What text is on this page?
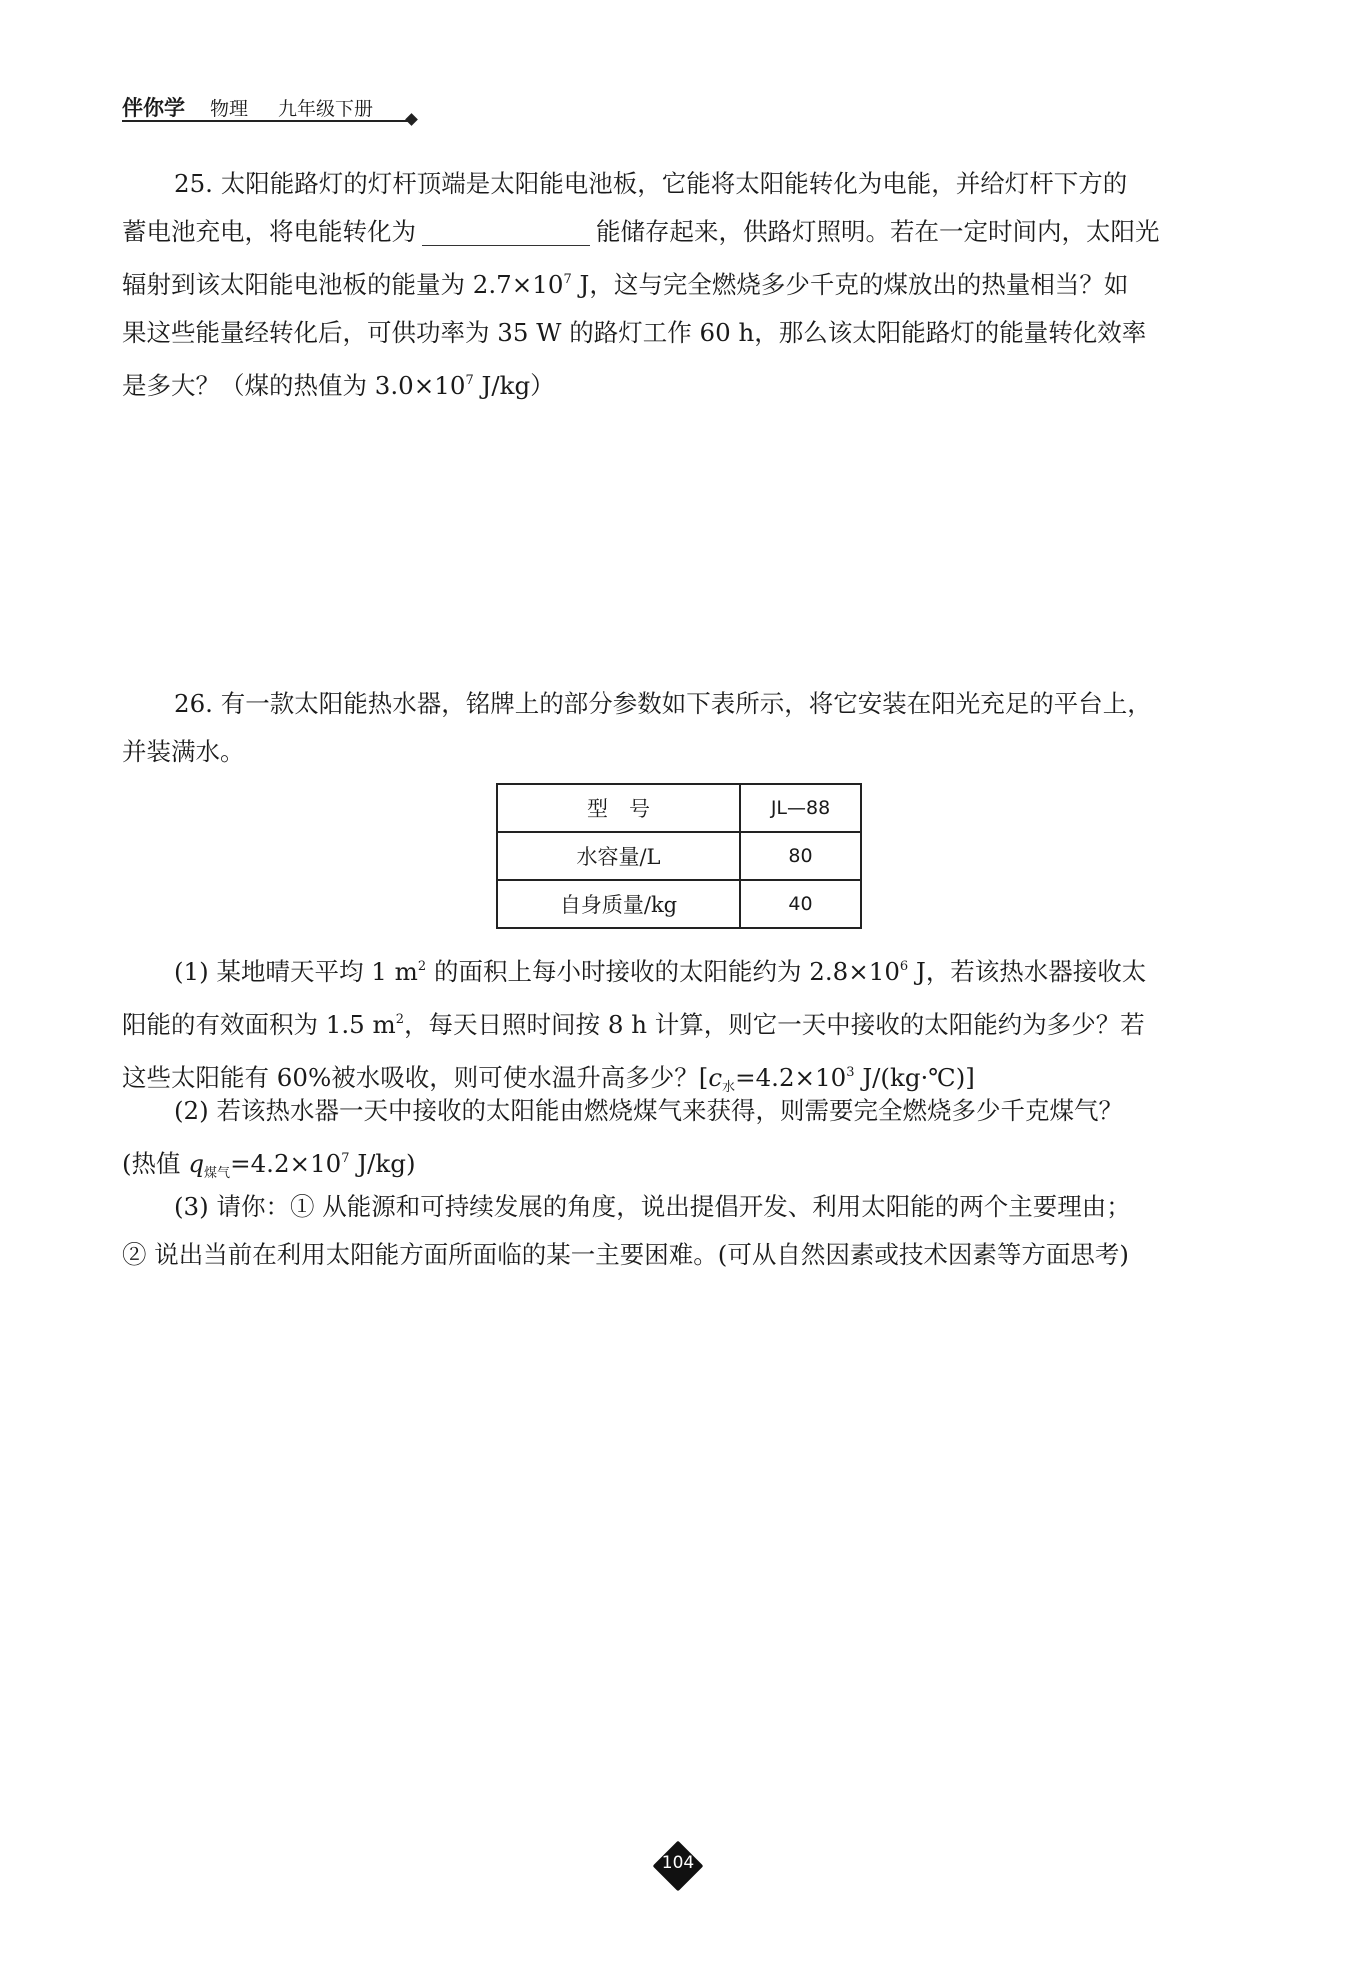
伴你学 物理 九年级下册

25. 太阳能路灯的灯杆顶端是太阳能电池板，它能将太阳能转化为电能，并给灯杆下方的
蓄电池充电，将电能转化为	能储存起来，供路灯照明。若在一定时间内，太阳光
辐射到该太阳能电池板的能量为 $2.7\times 10^7$ J，这与完全燃烧多少千克的煤放出的热量相当？如
果这些能量经转化后，可供功率为 35 W 的路灯工作 60 h，那么该太阳能路灯的能量转化效率
是多大？（煤的热值为 $3.0\times 10^7$ J/kg）

26. 有一款太阳能热水器，铭牌上的部分参数如下表所示，将它安装在阳光充足的平台上，
并装满水。

型　号	JL—88
水容量/L	80
自身质量/kg	40

(1) 某地晴天平均 1 $m^2$ 的面积上每小时接收的太阳能约为 $2.8\times 10^6$ J，若该热水器接收太
阳能的有效面积为 1.5 $m^2$，每天日照时间按 8 h 计算，则它一天中接收的太阳能约为多少？若
这些太阳能有 60%被水吸收，则可使水温升高多少？[$c_水=4.2\times 10^3$ J/(kg·℃)]

(2) 若该热水器一天中接收的太阳能由燃烧煤气来获得，则需要完全燃烧多少千克煤气？
(热值 $q_{煤气}=4.2\times 10^7$ J/kg)

(3) 请你：① 从能源和可持续发展的角度，说出提倡开发、利用太阳能的两个主要理由；
② 说出当前在利用太阳能方面所面临的某一主要困难。(可从自然因素或技术因素等方面思考)

104
